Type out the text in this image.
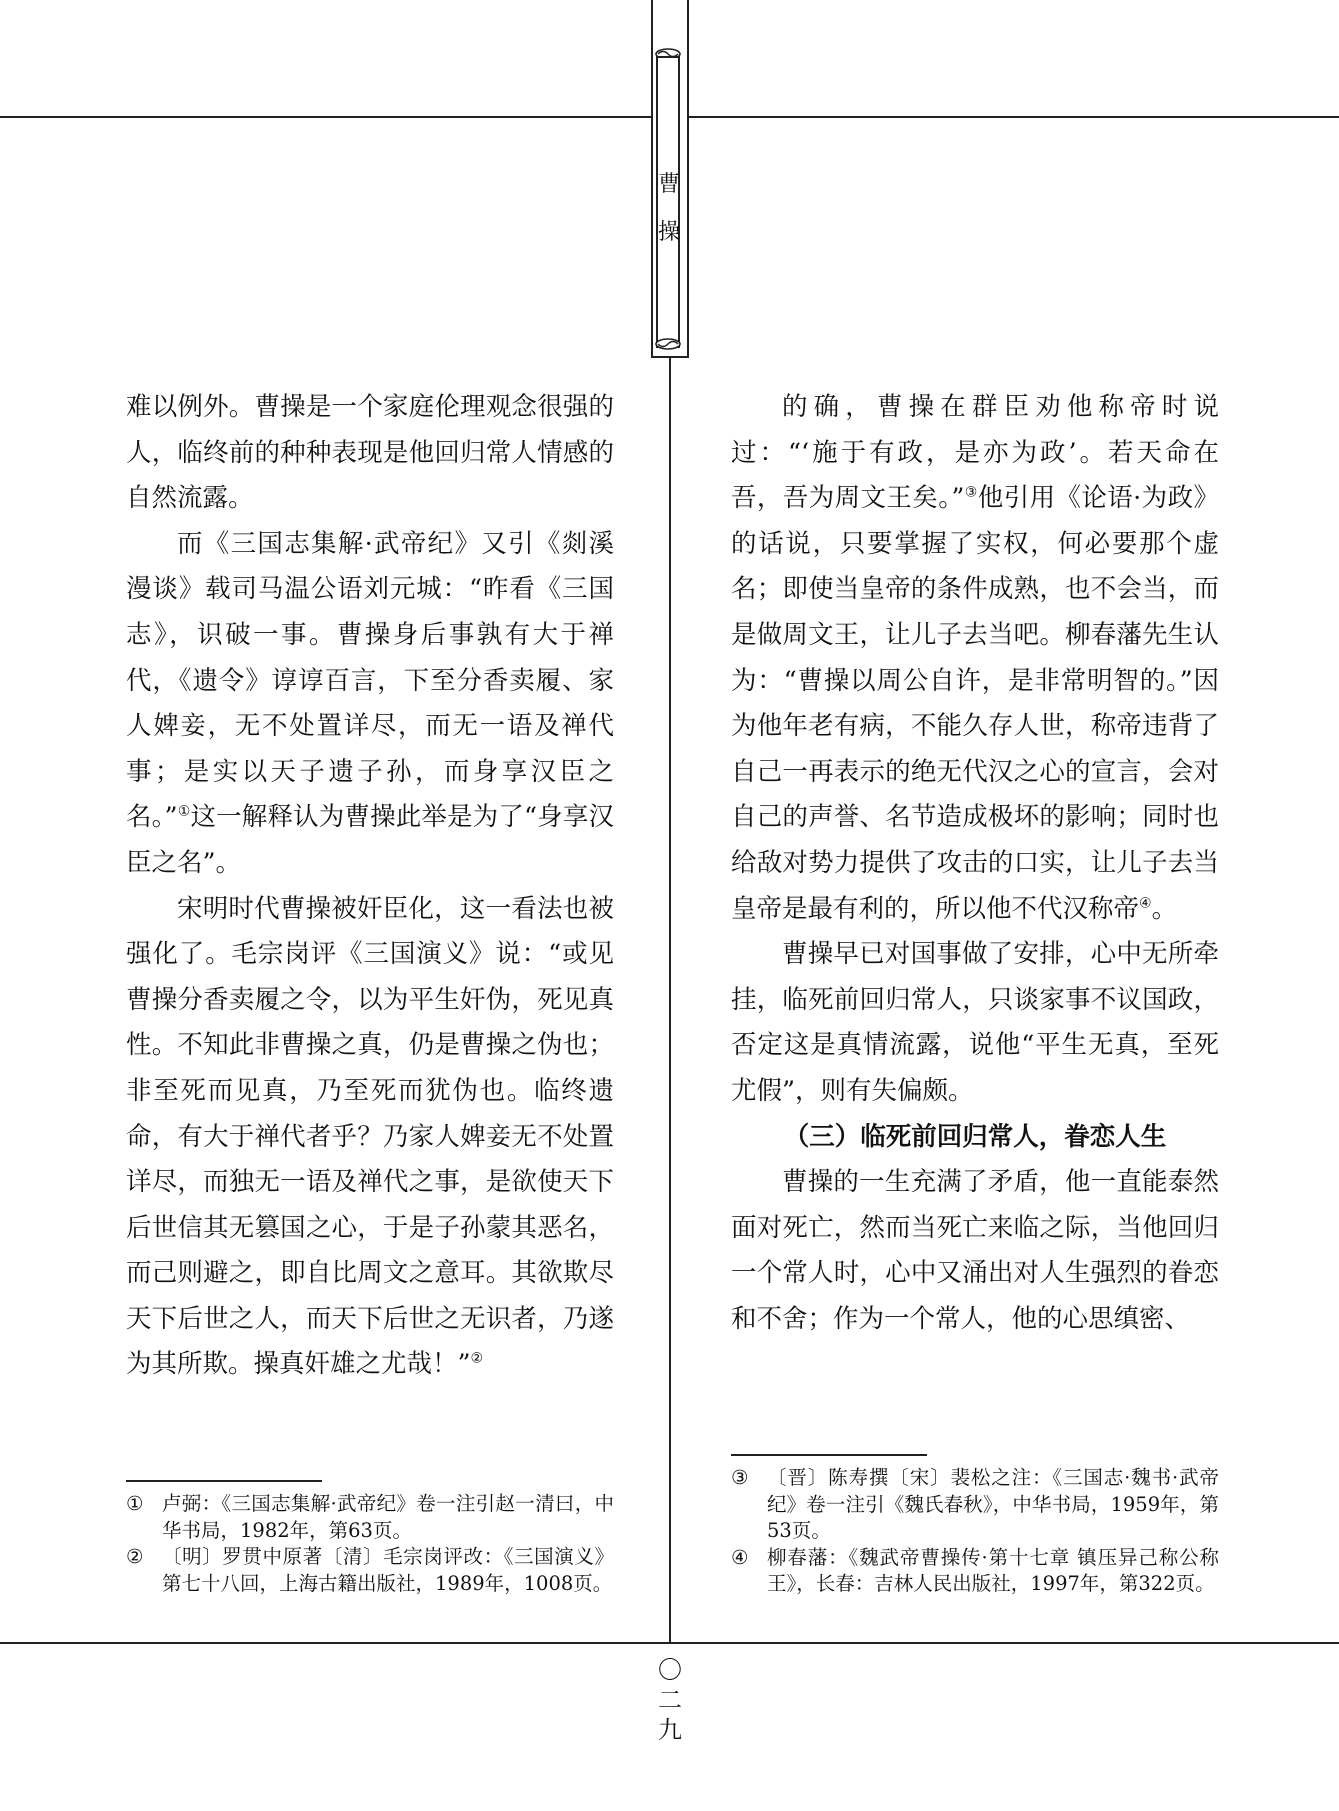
曹
操

难以例外。曹操是一个家庭伦理观念很强的人，临终前的种种表现是他回归常人情感的自然流露。

而《三国志集解·武帝纪》又引《剡溪漫谈》载司马温公语刘元城：“昨看《三国志》，识破一事。曹操身后事孰有大于禅代，《遗令》谆谆百言，下至分香卖履、家人婢妾，无不处置详尽，而无一语及禅代事；是实以天子遗子孙，而身享汉臣之名。”①这一解释认为曹操此举是为了“身享汉臣之名”。

宋明时代曹操被奸臣化，这一看法也被强化了。毛宗岗评《三国演义》说：“或见曹操分香卖履之令，以为平生奸伪，死见真性。不知此非曹操之真，仍是曹操之伪也；非至死而见真，乃至死而犹伪也。临终遗命，有大于禅代者乎？乃家人婢妾无不处置详尽，而独无一语及禅代之事，是欲使天下后世信其无篡国之心，于是子孙蒙其恶名，而己则避之，即自比周文之意耳。其欲欺尽天下后世之人，而天下后世之无识者，乃遂为其所欺。操真奸雄之尤哉！”②

的确，曹操在群臣劝他称帝时说过：“‘施于有政，是亦为政’。若天命在吾，吾为周文王矣。”③他引用《论语·为政》的话说，只要掌握了实权，何必要那个虚名；即使当皇帝的条件成熟，也不会当，而是做周文王，让儿子去当吧。柳春藩先生认为：“曹操以周公自许，是非常明智的。”因为他年老有病，不能久存人世，称帝违背了自己一再表示的绝无代汉之心的宣言，会对自己的声誉、名节造成极坏的影响；同时也给敌对势力提供了攻击的口实，让儿子去当皇帝是最有利的，所以他不代汉称帝④。

曹操早已对国事做了安排，心中无所牵挂，临死前回归常人，只谈家事不议国政，否定这是真情流露，说他“平生无真，至死尤假”，则有失偏颇。

（三）临死前回归常人，眷恋人生

曹操的一生充满了矛盾，他一直能泰然面对死亡，然而当死亡来临之际，当他回归一个常人时，心中又涌出对人生强烈的眷恋和不舍；作为一个常人，他的心思缜密、

① 卢弼：《三国志集解·武帝纪》卷一注引赵一清曰，中华书局，1982年，第63页。
② 〔明〕罗贯中原著〔清〕毛宗岗评改：《三国演义》第七十八回，上海古籍出版社，1989年，1008页。
③ 〔晋〕陈寿撰〔宋〕裴松之注：《三国志·魏书·武帝纪》卷一注引《魏氏春秋》，中华书局，1959年，第53页。
④ 柳春藩：《魏武帝曹操传·第十七章 镇压异己称公称王》，长春：吉林人民出版社，1997年，第322页。
〇
二
九
